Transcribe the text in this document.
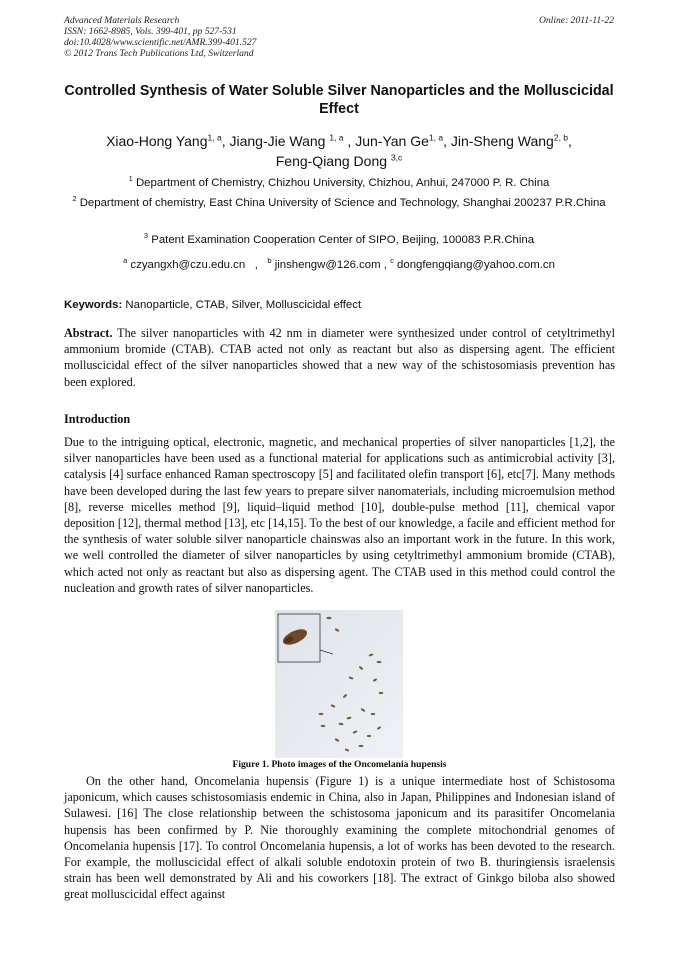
Advanced Materials Research
ISSN: 1662-8985, Vols. 399-401, pp 527-531
doi:10.4028/www.scientific.net/AMR.399-401.527
© 2012 Trans Tech Publications Ltd, Switzerland
Online: 2011-11-22
Controlled Synthesis of Water Soluble Silver Nanoparticles and the Molluscicidal Effect
Xiao-Hong Yang$^{1, a}$, Jiang-Jie Wang $^{1, a}$ , Jun-Yan Ge$^{1, a}$, Jin-Sheng Wang$^{2, b}$,
Feng-Qiang Dong $^{3,c}$
$^1$ Department of Chemistry, Chizhou University, Chizhou, Anhui, 247000 P. R. China
$^2$ Department of chemistry, East China University of Science and Technology, Shanghai 200237 P.R.China
$^3$ Patent Examination Cooperation Center of SIPO, Beijing, 100083 P.R.China
$^a$ czyangxh@czu.edu.cn   ,   $^b$ jinshengw@126.com , $^c$ dongfengqiang@yahoo.com.cn
Keywords: Nanoparticle, CTAB, Silver, Molluscicidal effect

Abstract. The silver nanoparticles with 42 nm in diameter were synthesized under control of cetyltrimethyl ammonium bromide (CTAB). CTAB acted not only as reactant but also as dispersing agent. The efficient molluscicidal effect of the silver nanoparticles showed that a new way of the schistosomiasis prevention has been explored.

Introduction

Due to the intriguing optical, electronic, magnetic, and mechanical properties of silver nanoparticles [1,2], the silver nanoparticles have been used as a functional material for applications such as antimicrobial activity [3], catalysis [4] surface enhanced Raman spectroscopy [5] and facilitated olefin transport [6], etc[7]. Many methods have been developed during the last few years to prepare silver nanomaterials, including microemulsion method [8], reverse micelles method [9], liquid–liquid method [10], double-pulse method [11], chemical vapor deposition [12], thermal method [13], etc [14,15]. To the best of our knowledge, a facile and efficient method for the synthesis of water soluble silver nanoparticle chainswas also an important work in the future. In this work, we well controlled the diameter of silver nanoparticles by using cetyltrimethyl ammonium bromide (CTAB), which acted not only as reactant but also as dispersing agent. The CTAB used in this method could control the nucleation and growth rates of silver nanoparticles.

Figure 1. Photo images of the Oncomelania hupensis

On the other hand, Oncomelania hupensis (Figure 1) is a unique intermediate host of Schistosoma japonicum, which causes schistosomiasis endemic in China, also in Japan, Philippines and Indonesian island of Sulawesi. [16] The close relationship between the schistosoma japonicum and its parasitifer Oncomelania hupensis has been confirmed by P. Nie thoroughly examining the complete mitochondrial genomes of Oncomelania hupensis [17]. To control Oncomelania hupensis, a lot of works has been devoted to the research. For example, the molluscicidal effect of alkali soluble endotoxin protein of two B. thuringiensis israelensis strain has been well demonstrated by Ali and his coworkers [18]. The extract of Ginkgo biloba also showed great molluscicidal effect against
